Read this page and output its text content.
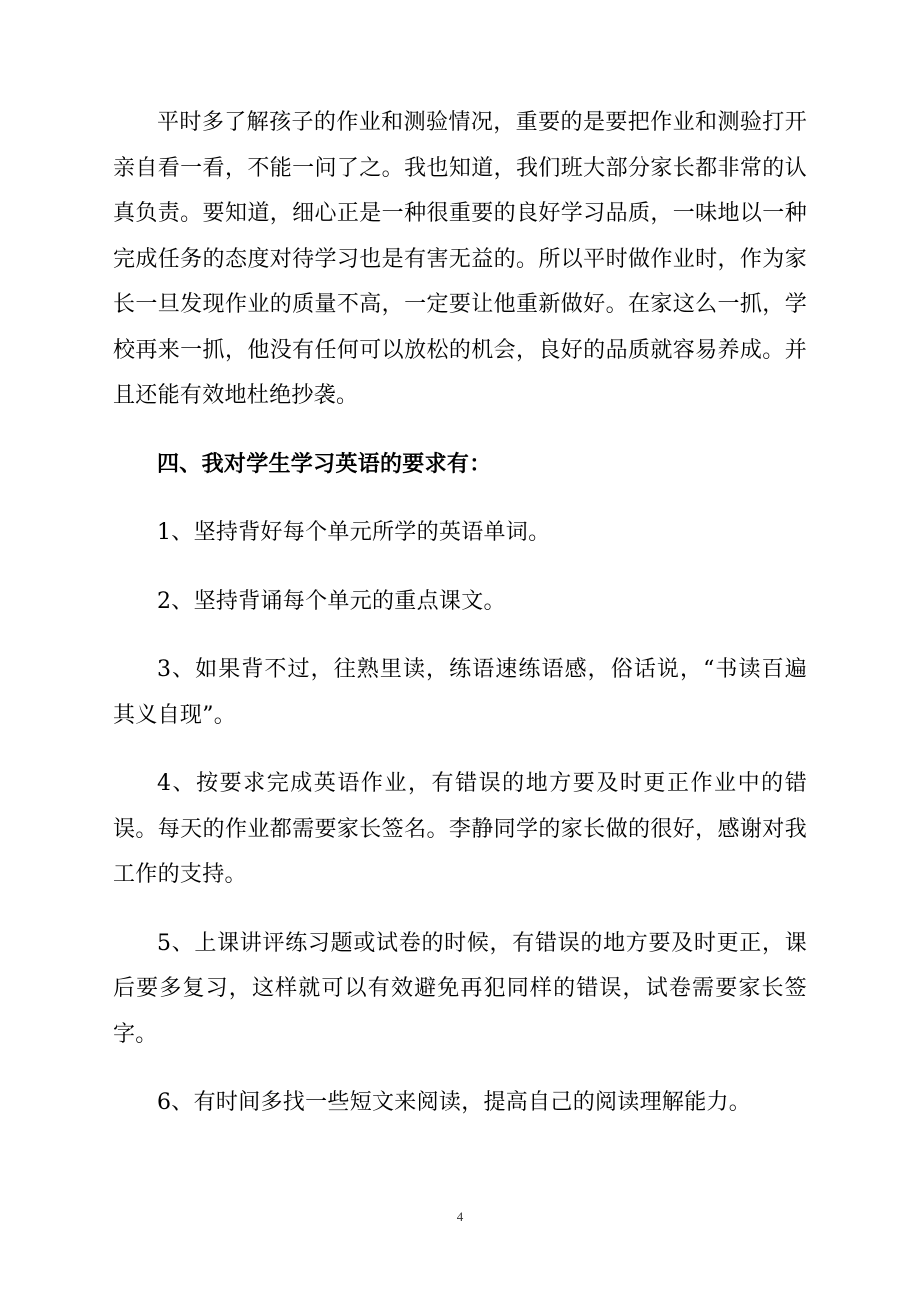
平时多了解孩子的作业和测验情况，重要的是要把作业和测验打开亲自看一看，不能一问了之。我也知道，我们班大部分家长都非常的认真负责。要知道，细心正是一种很重要的良好学习品质，一味地以一种完成任务的态度对待学习也是有害无益的。所以平时做作业时，作为家长一旦发现作业的质量不高，一定要让他重新做好。在家这么一抓，学校再来一抓，他没有任何可以放松的机会，良好的品质就容易养成。并且还能有效地杜绝抄袭。

四、我对学生学习英语的要求有：

1、坚持背好每个单元所学的英语单词。

2、坚持背诵每个单元的重点课文。

3、如果背不过，往熟里读，练语速练语感，俗话说，“书读百遍其义自现”。

4、按要求完成英语作业，有错误的地方要及时更正作业中的错误。每天的作业都需要家长签名。李静同学的家长做的很好，感谢对我工作的支持。

5、上课讲评练习题或试卷的时候，有错误的地方要及时更正，课后要多复习，这样就可以有效避免再犯同样的错误，试卷需要家长签字。

6、有时间多找一些短文来阅读，提高自己的阅读理解能力。

4
